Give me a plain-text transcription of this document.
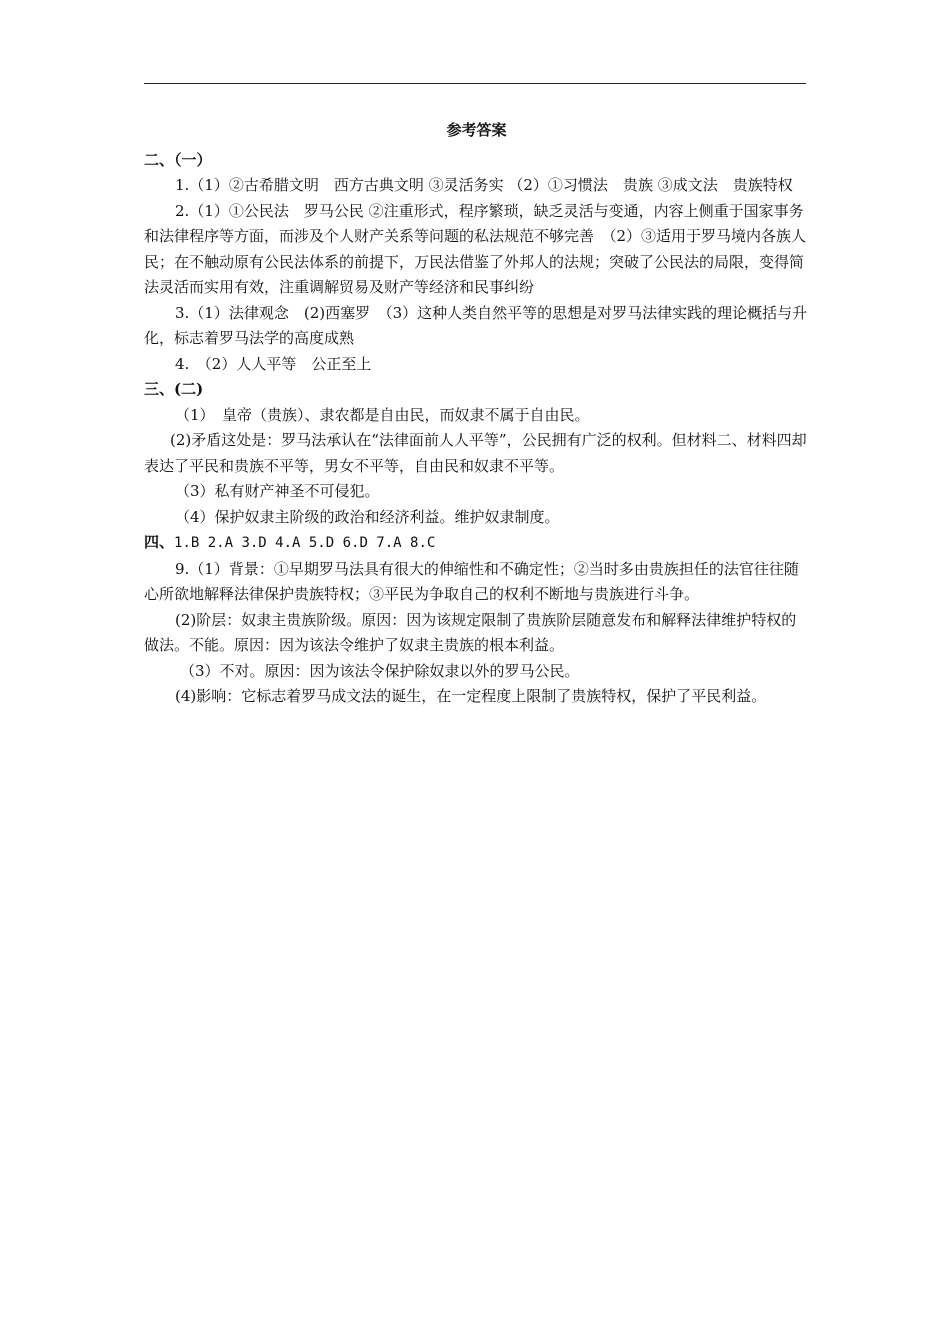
参考答案
二、（一）
1.（1）②古希腊文明　西方古典文明 ③灵活务实 （2）①习惯法　贵族 ③成文法　贵族特权
2.（1）①公民法　罗马公民 ②注重形式，程序繁琐，缺乏灵活与变通，内容上侧重于国家事务和法律程序等方面，而涉及个人财产关系等问题的私法规范不够完善　（2）③适用于罗马境内各族人民；在不触动原有公民法体系的前提下，万民法借鉴了外邦人的法规；突破了公民法的局限，变得简法灵活而实用有效，注重调解贸易及财产等经济和民事纠纷
3.（1）法律观念　(2)西塞罗　（3）这种人类自然平等的思想是对罗马法律实践的理论概括与升化，标志着罗马法学的高度成熟
4.　（2）人人平等　公正至上
三、(二)
（1）　皇帝（贵族）、隶农都是自由民，而奴隶不属于自由民。
(2)矛盾这处是：罗马法承认在“法律面前人人平等”，公民拥有广泛的权利。但材料二、材料四却表达了平民和贵族不平等，男女不平等，自由民和奴隶不平等。
（3）私有财产神圣不可侵犯。
（4）保护奴隶主阶级的政治和经济利益。维护奴隶制度。
四、1.B 2.A 3.D 4.A 5.D 6.D 7.A 8.C
9.（1）背景：①早期罗马法具有很大的伸缩性和不确定性；②当时多由贵族担任的法官往往随心所欲地解释法律保护贵族特权；③平民为争取自己的权利不断地与贵族进行斗争。
(2)阶层：奴隶主贵族阶级。原因：因为该规定限制了贵族阶层随意发布和解释法律维护特权的做法。不能。原因：因为该法令维护了奴隶主贵族的根本利益。
（3）不对。原因：因为该法令保护除奴隶以外的罗马公民。
(4)影响：它标志着罗马成文法的诞生，在一定程度上限制了贵族特权，保护了平民利益。
